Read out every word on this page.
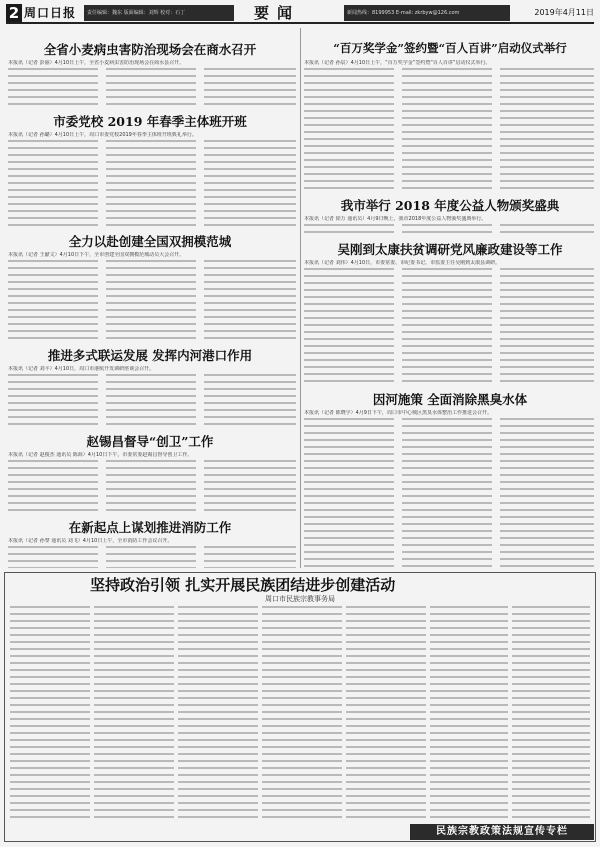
2 周口日报	责任编辑：魏东 版面编辑：刘辉 校对：石丁	要闻	新闻热线：8199953 E-mail: zkrbyw@126.com	2019年4月11日
全省小麦病虫害防治现场会在商水召开
本报讯（记者 彭丽）4月10日上午，全省小麦病虫害防治现场会在商水县召开。
市委党校 2019 年春季主体班开班
本报讯（记者 孙璐）4月10日上午，周口市委党校2019年春季主体班开班典礼举行。
全力以赴创建全国双拥模范城
本报讯（记者 王献文）4月10日下午，全市创建全国双拥模范城动员大会召开。
推进多式联运发展 发挥内河港口作用
本报讯（记者 刘平）4月10日，周口市港航开发调研座谈会召开。
赵锡昌督导“创卫”工作
本报讯（记者 赵俊杰 通讯员 陈海）4月10日下午，市委常委赵锡昌督导创卫工作。
在新起点上谋划推进消防工作
本报讯（记者 孙黎 通讯员 刘飞）4月10日上午，全市消防工作会议召开。
“百万奖学金”签约暨“百人百讲”启动仪式举行
本报讯（记者 孙辰）4月10日上午，“百万奖学金”签约暨“百人百讲”启动仪式举行。
我市举行 2018 年度公益人物颁奖盛典
本报讯（记者 徐万 通讯员）4月9日晚上，我市2018年度公益人物颁奖盛典举行。
吴刚到太康扶贫调研党风廉政建设等工作
本报讯（记者 刘伟）4月10日，市委常委、市纪委书记、市监委主任吴刚到太康县调研。
因河施策 全面消除黑臭水体
本报讯（记者 陈晓宇）4月9日下午，周口市中心城区黑臭水体整治工作推进会召开。
坚持政治引领 扎实开展民族团结进步创建活动
周口市民族宗教事务局
民族宗教政策法规宣传专栏
